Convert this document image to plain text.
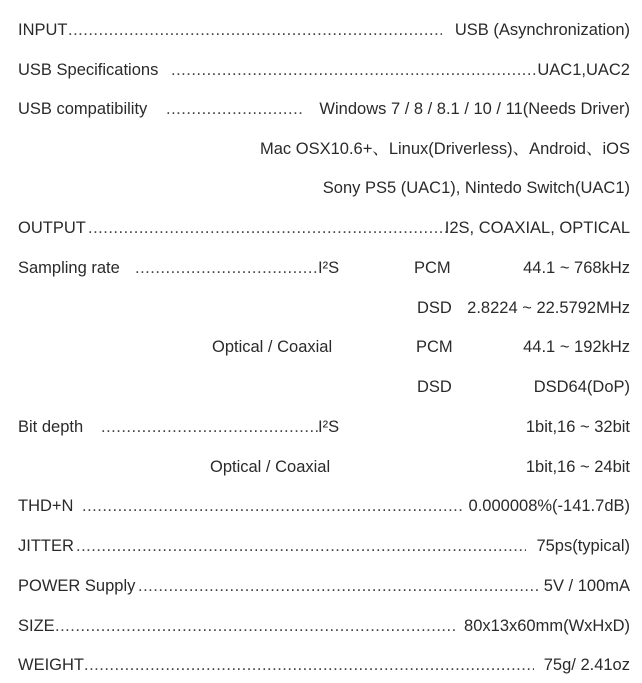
INPUT .....	USB (Asynchronization)
USB Specifications .....	UAC1,UAC2
USB compatibility .....	Windows 7 / 8 / 8.1 / 10 / 11(Needs Driver)
Mac OSX10.6+、Linux(Driverless)、Android、iOS
Sony PS5 (UAC1), Nintedo Switch(UAC1)
OUTPUT .....	I2S, COAXIAL, OPTICAL
Sampling rate .....	I²S	PCM	44.1 ~ 768kHz
DSD 2.8224 ~ 22.5792MHz
Optical / Coaxial	PCM	44.1 ~ 192kHz
DSD	DSD64(DoP)
Bit depth .....	I²S	1bit,16 ~ 32bit
Optical / Coaxial	1bit,16 ~ 24bit
THD+N .....	0.000008%(-141.7dB)
JITTER .....	75ps(typical)
POWER Supply .....	5V / 100mA
SIZE .....	80x13x60mm(WxHxD)
WEIGHT .....	75g/ 2.41oz
